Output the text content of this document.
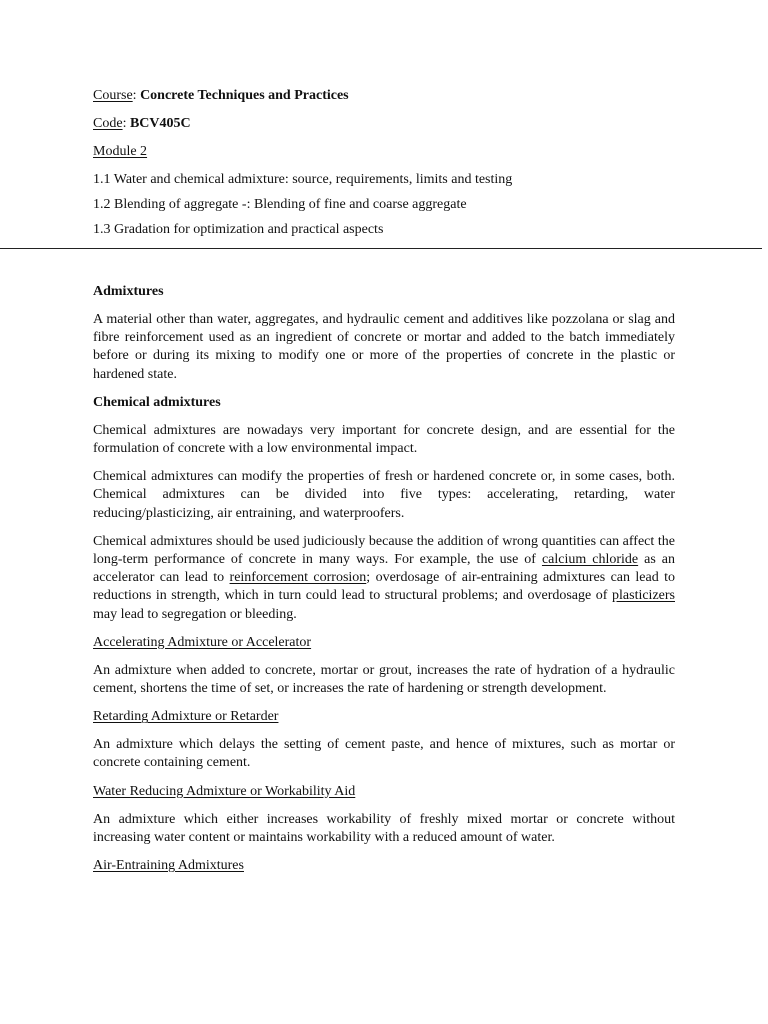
Course: Concrete Techniques and Practices
Code: BCV405C
Module 2
1.1 Water and chemical admixture: source, requirements, limits and testing
1.2 Blending of aggregate -: Blending of fine and coarse aggregate
1.3 Gradation for optimization and practical aspects
Admixtures

A material other than water, aggregates, and hydraulic cement and additives like pozzolana or slag and fibre reinforcement used as an ingredient of concrete or mortar and added to the batch immediately before or during its mixing to modify one or more of the properties of concrete in the plastic or hardened state.

Chemical admixtures

Chemical admixtures are nowadays very important for concrete design, and are essential for the formulation of concrete with a low environmental impact.

Chemical admixtures can modify the properties of fresh or hardened concrete or, in some cases, both. Chemical admixtures can be divided into five types: accelerating, retarding, water reducing/plasticizing, air entraining, and waterproofers.

Chemical admixtures should be used judiciously because the addition of wrong quantities can affect the long-term performance of concrete in many ways. For example, the use of calcium chloride as an accelerator can lead to reinforcement corrosion; overdosage of air-entraining admixtures can lead to reductions in strength, which in turn could lead to structural problems; and overdosage of plasticizers may lead to segregation or bleeding.

Accelerating Admixture or Accelerator

An admixture when added to concrete, mortar or grout, increases the rate of hydration of a hydraulic cement, shortens the time of set, or increases the rate of hardening or strength development.

Retarding Admixture or Retarder

An admixture which delays the setting of cement paste, and hence of mixtures, such as mortar or concrete containing cement.

Water Reducing Admixture or Workability Aid

An admixture which either increases workability of freshly mixed mortar or concrete without increasing water content or maintains workability with a reduced amount of water.

Air-Entraining Admixtures
